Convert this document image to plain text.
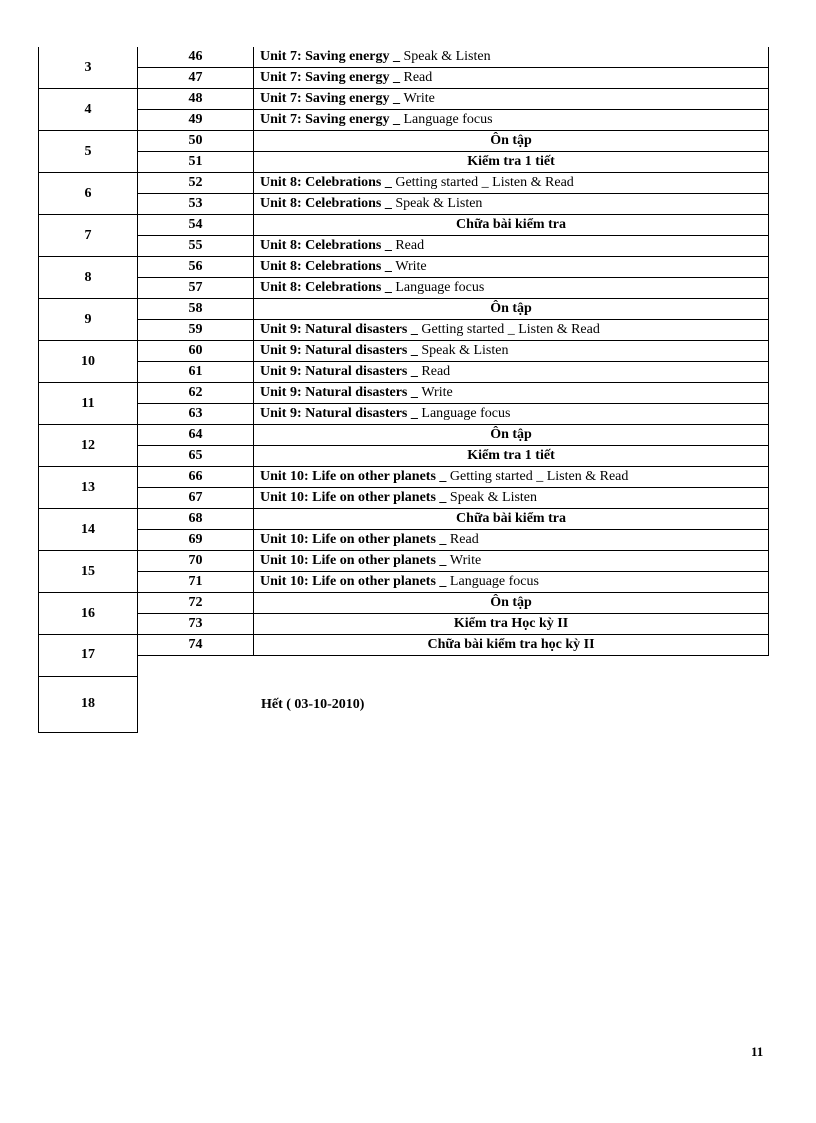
3	46	Unit 7: Saving energy _ Speak & Listen
	47	Unit 7: Saving energy _ Read
4	48	Unit 7: Saving energy _ Write
	49	Unit 7: Saving energy _ Language focus
5	50	Ôn tập
	51	Kiểm tra 1 tiết
6	52	Unit 8: Celebrations _ Getting started _ Listen & Read
	53	Unit 8: Celebrations _ Speak & Listen
7	54	Chữa bài kiểm tra
	55	Unit 8: Celebrations _ Read
8	56	Unit 8: Celebrations _ Write
	57	Unit 8: Celebrations _ Language focus
9	58	Ôn tập
	59	Unit 9: Natural disasters _ Getting started _ Listen & Read
10	60	Unit 9: Natural disasters _ Speak & Listen
	61	Unit 9: Natural disasters _ Read
11	62	Unit 9: Natural disasters _ Write
	63	Unit 9: Natural disasters _ Language focus
12	64	Ôn tập
	65	Kiểm tra 1 tiết
13	66	Unit 10: Life on other planets _ Getting started _ Listen & Read
	67	Unit 10: Life on other planets _ Speak & Listen
14	68	Chữa bài kiểm tra
	69	Unit 10: Life on other planets _ Read
15	70	Unit 10: Life on other planets _ Write
	71	Unit 10: Life on other planets _ Language focus
16	72	Ôn tập
	73	Kiểm tra Học kỳ II
17	74	Chữa bài kiểm tra học kỳ II

18			Hết ( 03-10-2010)
11
